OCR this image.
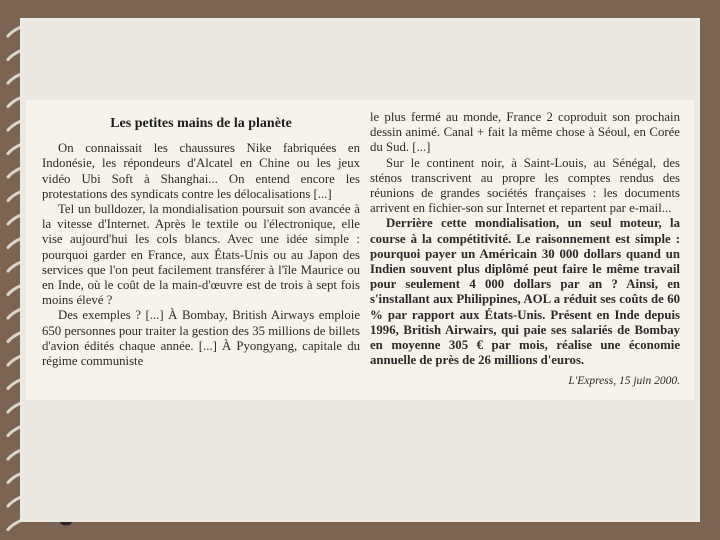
Les petites mains de la planète

On connaissait les chaussures Nike fabriquées en Indonésie, les répondeurs d'Alcatel en Chine ou les jeux vidéo Ubi Soft à Shanghai... On entend encore les protestations des syndicats contre les délocalisations [...]

Tel un bulldozer, la mondialisation poursuit son avancée à la vitesse d'Internet. Après le textile ou l'électronique, elle vise aujourd'hui les cols blancs. Avec une idée simple : pourquoi garder en France, aux États-Unis ou au Japon des services que l'on peut facilement transférer à l'île Maurice ou en Inde, où le coût de la main-d'œuvre est de trois à sept fois moins élevé ?

Des exemples ? [...] À Bombay, British Airways emploie 650 personnes pour traiter la gestion des 35 millions de billets d'avion édités chaque année. [...] À Pyongyang, capitale du régime communiste

le plus fermé au monde, France 2 coproduit son prochain dessin animé. Canal + fait la même chose à Séoul, en Corée du Sud. [...]

Sur le continent noir, à Saint-Louis, au Sénégal, des sténos transcrivent au propre les comptes rendus des réunions de grandes sociétés françaises : les documents arrivent en fichier-son sur Internet et repartent par e-mail...

Derrière cette mondialisation, un seul moteur, la course à la compétitivité. Le raisonnement est simple : pourquoi payer un Américain 30 000 dollars quand un Indien souvent plus diplômé peut faire le même travail pour seulement 4 000 dollars par an ? Ainsi, en s'installant aux Philippines, AOL a réduit ses coûts de 60 % par rapport aux États-Unis. Présent en Inde depuis 1996, British Airwairs, qui paie ses salariés de Bombay en moyenne 305 € par mois, réalise une économie annuelle de près de 26 millions d'euros.

L'Express, 15 juin 2000.
